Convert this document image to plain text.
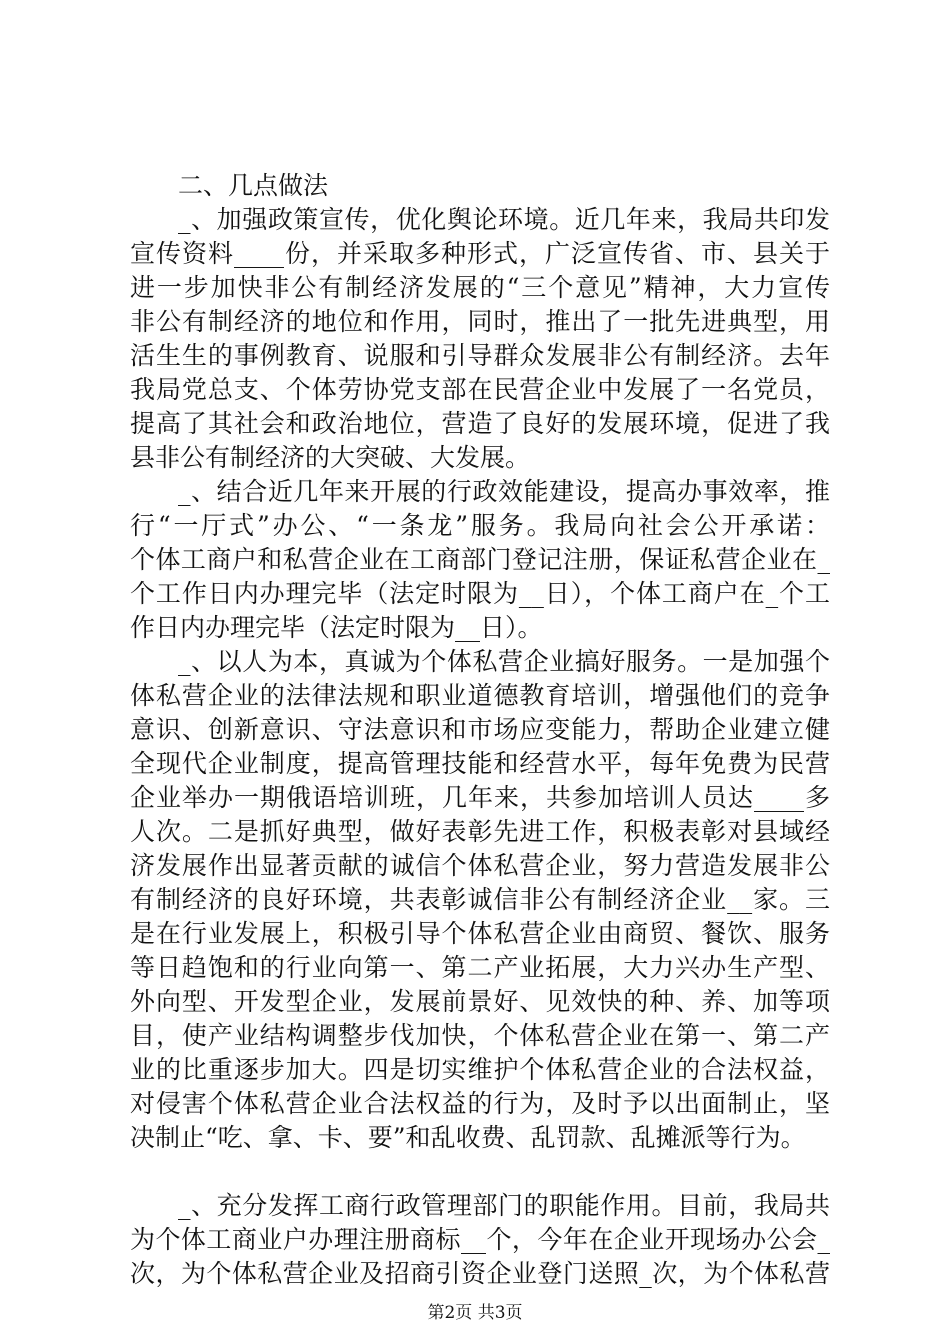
二、几点做法
_、加强政策宣传，优化舆论环境。近几年来，我局共印发
宣传资料____份，并采取多种形式，广泛宣传省、市、县关于
进一步加快非公有制经济发展的“三个意见”精神，大力宣传
非公有制经济的地位和作用，同时，推出了一批先进典型，用
活生生的事例教育、说服和引导群众发展非公有制经济。去年
我局党总支、个体劳协党支部在民营企业中发展了一名党员，
提高了其社会和政治地位，营造了良好的发展环境，促进了我
县非公有制经济的大突破、大发展。
_、结合近几年来开展的行政效能建设，提高办事效率，推
行“一厅式”办公、“一条龙”服务。我局向社会公开承诺：
个体工商户和私营企业在工商部门登记注册，保证私营企业在_
个工作日内办理完毕（法定时限为__日），个体工商户在_个工
作日内办理完毕（法定时限为__日）。
_、以人为本，真诚为个体私营企业搞好服务。一是加强个
体私营企业的法律法规和职业道德教育培训，增强他们的竞争
意识、创新意识、守法意识和市场应变能力，帮助企业建立健
全现代企业制度，提高管理技能和经营水平，每年免费为民营
企业举办一期俄语培训班，几年来，共参加培训人员达____多
人次。二是抓好典型，做好表彰先进工作，积极表彰对县域经
济发展作出显著贡献的诚信个体私营企业，努力营造发展非公
有制经济的良好环境，共表彰诚信非公有制经济企业__家。三
是在行业发展上，积极引导个体私营企业由商贸、餐饮、服务
等日趋饱和的行业向第一、第二产业拓展，大力兴办生产型、
外向型、开发型企业，发展前景好、见效快的种、养、加等项
目，使产业结构调整步伐加快，个体私营企业在第一、第二产
业的比重逐步加大。四是切实维护个体私营企业的合法权益，
对侵害个体私营企业合法权益的行为，及时予以出面制止，坚
决制止“吃、拿、卡、要”和乱收费、乱罚款、乱摊派等行为。
_、充分发挥工商行政管理部门的职能作用。目前，我局共
为个体工商业户办理注册商标__个，今年在企业开现场办公会_
次，为个体私营企业及招商引资企业登门送照_次，为个体私营
第2页 共3页
